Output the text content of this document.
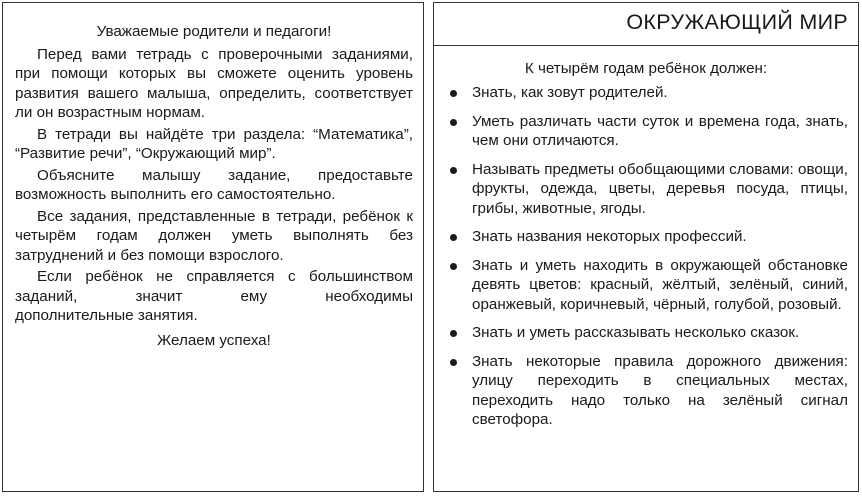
Уважаемые родители и педагоги!

Перед вами тетрадь с проверочными заданиями, при помощи которых вы сможете оценить уровень развития вашего малыша, определить, соответствует ли он возрастным нормам.

В тетради вы найдёте три раздела: “Математика”, “Развитие речи”, “Окружающий мир”.

Объясните малышу задание, предоставьте возможность выполнить его самостоятельно.

Все задания, представленные в тетради, ребёнок к четырём годам должен уметь выполнять без затруднений и без помощи взрослого.

Если ребёнок не справляется с большинством заданий, значит ему необходимы

дополнительные занятия.

Желаем успеха!
ОКРУЖАЮЩИЙ МИР
К четырём годам ребёнок должен:
Знать, как зовут родителей.
Уметь различать части суток и времена года, знать, чем они отличаются.
Называть предметы обобщающими словами: овощи, фрукты, одежда, цветы, деревья посуда, птицы, грибы, животные, ягоды.
Знать названия некоторых профессий.
Знать и уметь находить в окружающей обстановке девять цветов: красный, жёлтый, зелёный, синий, оранжевый, коричневый, чёрный, голубой, розовый.
Знать и уметь рассказывать несколько сказок.
Знать некоторые правила дорожного движения: улицу переходить в специальных местах, переходить надо только на зелёный сигнал светофора.
